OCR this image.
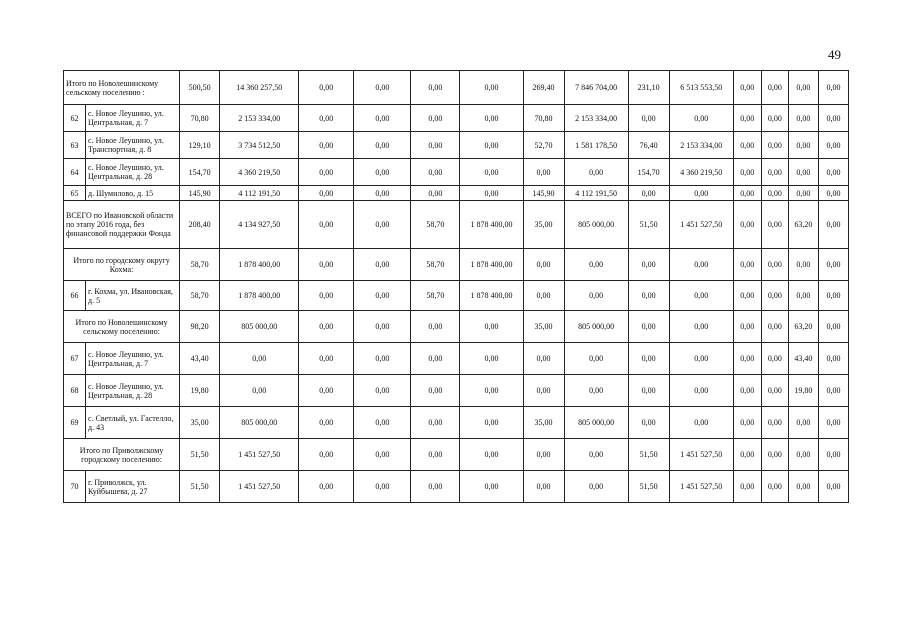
49
Итого по Новолешинскому сельскому поселению :		500,50	14 360 257,50	0,00	0,00	0,00	0,00	269,40	7 846 704,00	231,10	6 513 553,50	0,00	0,00	0,00	0,00
62	с. Новое Леушино, ул. Центральная, д. 7	70,80	2 153 334,00	0,00	0,00	0,00	0,00	70,80	2 153 334,00	0,00	0,00	0,00	0,00	0,00	0,00
63	с. Новое Леушино, ул. Транспортная, д. 8	129,10	3 734 512,50	0,00	0,00	0,00	0,00	52,70	1 581 178,50	76,40	2 153 334,00	0,00	0,00	0,00	0,00
64	с. Новое Леушино, ул. Центральная, д. 28	154,70	4 360 219,50	0,00	0,00	0,00	0,00	0,00	0,00	154,70	4 360 219,50	0,00	0,00	0,00	0,00
65	д. Шумилово, д. 15	145,90	4 112 191,50	0,00	0,00	0,00	0,00	145,90	4 112 191,50	0,00	0,00	0,00	0,00	0,00	0,00
ВСЕГО по Ивановской области по этапу 2016 года, без финансовой поддержки Фонда		208,40	4 134 927,50	0,00	0,00	58,70	1 878 400,00	35,00	805 000,00	51,50	1 451 527,50	0,00	0,00	63,20	0,00
Итого по городскому округу Кохма:		58,70	1 878 400,00	0,00	0,00	58,70	1 878 400,00	0,00	0,00	0,00	0,00	0,00	0,00	0,00	0,00
66	г. Кохма, ул. Ивановская, д. 5	58,70	1 878 400,00	0,00	0,00	58,70	1 878 400,00	0,00	0,00	0,00	0,00	0,00	0,00	0,00	0,00
Итого по Новолешинскому сельскому поселению:		98,20	805 000,00	0,00	0,00	0,00	0,00	35,00	805 000,00	0,00	0,00	0,00	0,00	63,20	0,00
67	с. Новое Леушино, ул. Центральная, д. 7	43,40	0,00	0,00	0,00	0,00	0,00	0,00	0,00	0,00	0,00	0,00	0,00	43,40	0,00
68	с. Новое Леушино, ул. Центральная, д. 28	19,80	0,00	0,00	0,00	0,00	0,00	0,00	0,00	0,00	0,00	0,00	0,00	19,80	0,00
69	с. Светлый, ул. Гастелло, д. 43	35,00	805 000,00	0,00	0,00	0,00	0,00	35,00	805 000,00	0,00	0,00	0,00	0,00	0,00	0,00
Итого по Приволжскому городскому поселению:		51,50	1 451 527,50	0,00	0,00	0,00	0,00	0,00	0,00	51,50	1 451 527,50	0,00	0,00	0,00	0,00
70	г. Приволжск, ул. Куйбышева, д. 27	51,50	1 451 527,50	0,00	0,00	0,00	0,00	0,00	0,00	51,50	1 451 527,50	0,00	0,00	0,00	0,00
